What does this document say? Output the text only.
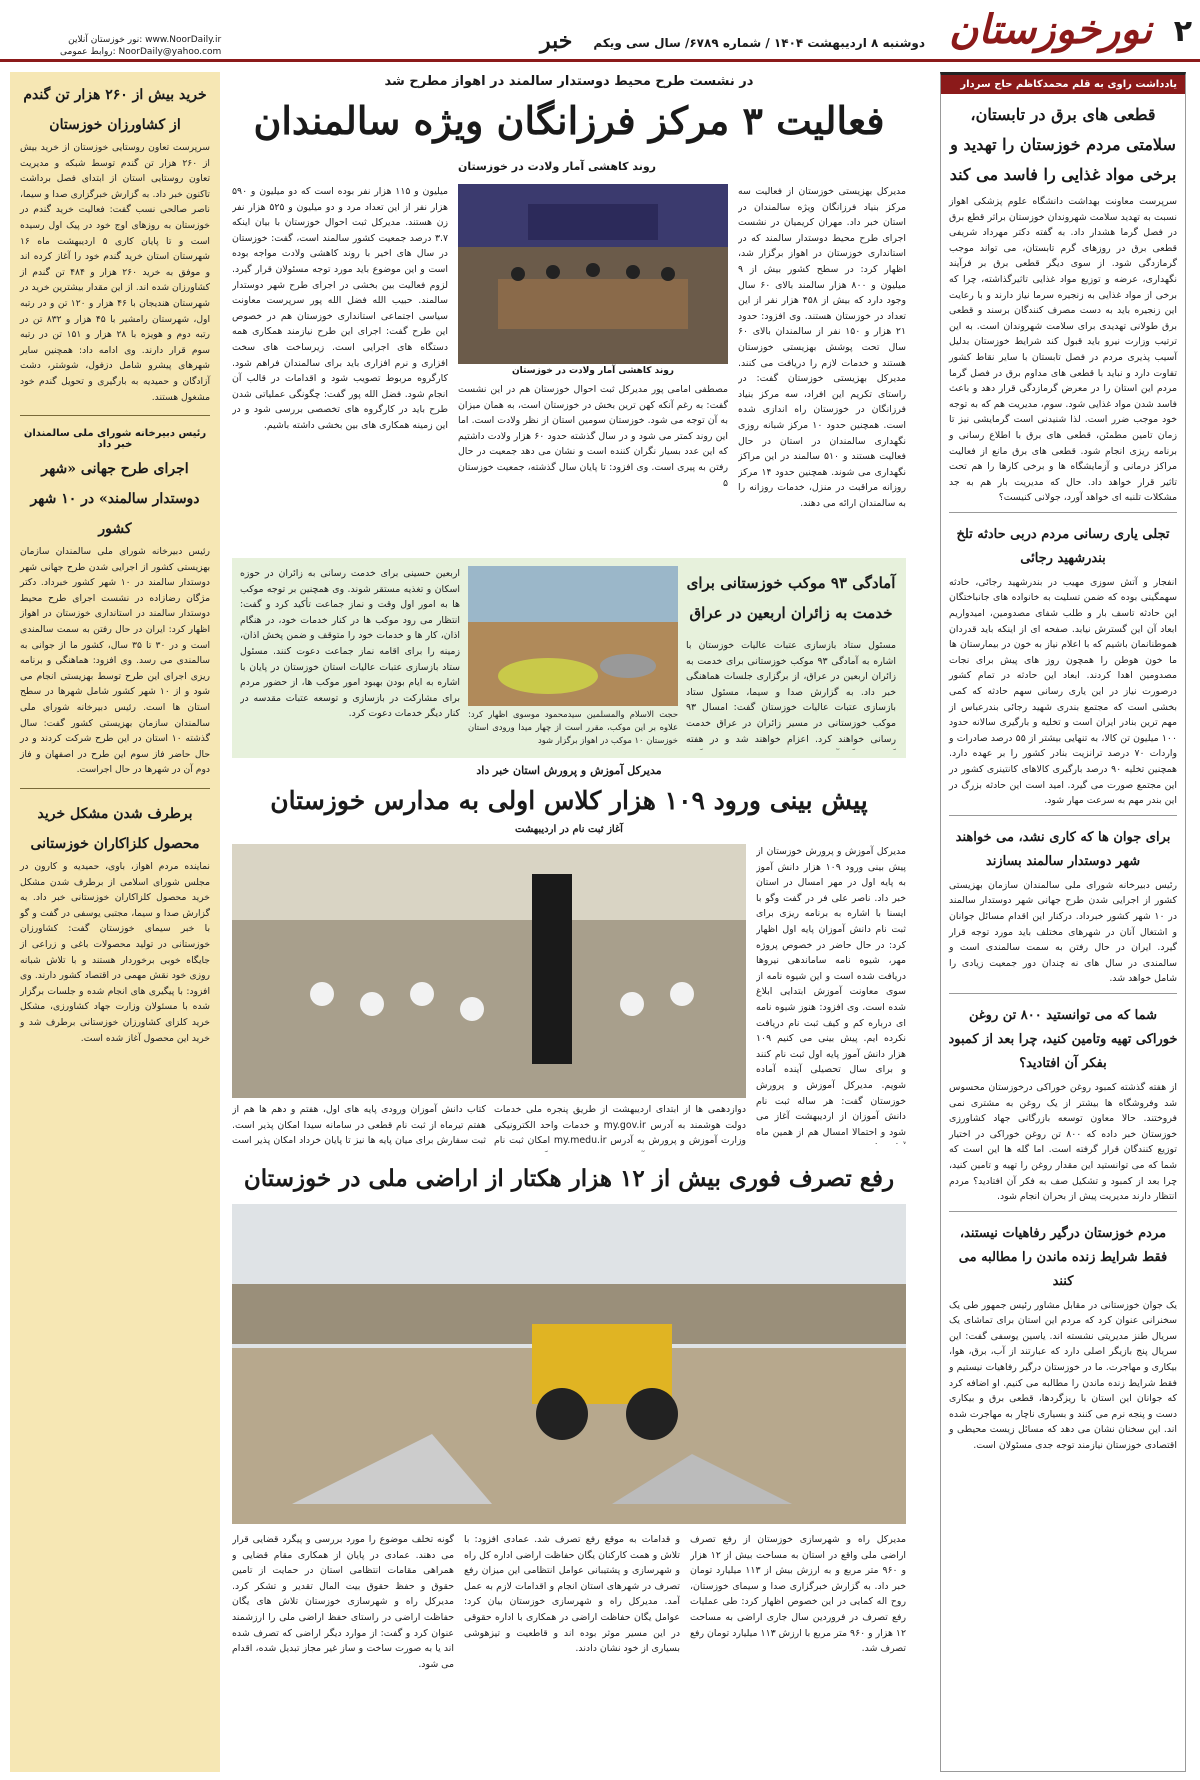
۲
نورخوزستان
دوشنبه ۸ اردیبهشت ۱۴۰۴ / شماره ۶۷۸۹/ سال سی ویکم
خبر
نور خوزستان آنلاین: www.NoorDaily.ir
روابط عمومی: NoorDaily@yahoo.com
یادداشت راوی به قلم محمدکاظم حاج سردار
قطعی های برق در تابستان، سلامتی مردم خوزستان را تهدید و برخی مواد غذایی را فاسد می کند
سرپرست معاونت بهداشت دانشگاه علوم پزشکی اهواز نسبت به تهدید سلامت شهروندان خوزستان براثر قطع برق در فصل گرما هشدار داد. به گفته دکتر مهرداد شریفی قطعی برق در روزهای گرم تابستان، می تواند موجب گرمازدگی شود. از سوی دیگر قطعی برق بر فرآیند نگهداری، عرضه و توزیع مواد غذایی تاثیرگذاشته، چرا که برخی از مواد غذایی به زنجیره سرما نیاز دارند و با رعایت این زنجیره باید به دست مصرف کنندگان برسند و قطعی برق طولانی تهدیدی برای سلامت شهروندان است. به این ترتیب وزارت نیرو باید قبول کند شرایط خوزستان بدلیل آسیب پذیری مردم در فصل تابستان با سایر نقاط کشور تفاوت دارد و نباید با قطعی های مداوم برق در فصل گرما مردم این استان را در معرض گرمازدگی قرار دهد و باعث فاسد شدن مواد غذایی شود. سوم، مدیریت هم که به توجه خود موجب ضرر است. لذا شنیدنی است گرمایشی نیز تا زمان تامین مطمئن، قطعی های برق با اطلاع رسانی و برنامه ریزی انجام شود. قطعی های برق مانع از فعالیت مراکز درمانی و آزمایشگاه ها و برخی کارها را هم تحت تاثیر قرار خواهد داد. حال که مدیریت بار هم به جد مشکلات تلنبه ای خواهد آورد، جولانی کنیست؟
تجلی یاری رسانی مردم دربی حادثه تلخ بندرشهید رجائی
انفجار و آتش سوزی مهیب در بندرشهید رجائی، حادثه سهمگینی بوده که ضمن تسلیت به خانواده های جانباختگان این حادثه تاسف بار و طلب شفای مصدومین، امیدواریم ابعاد آن این گسترش نیابد. صفحه ای از اینکه باید قدردان هموطنانمان باشیم که با اعلام نیاز به خون در بیمارستان ها ما خون هوطن را همچون روز های پیش برای نجات مصدومین اهدا کردند. ابعاد این حادثه در تمام کشور درصورت نیاز در این یاری رسانی سهم حادثه که کمی بخشی است که مجتمع بندری شهید رجائی بندرعباس از مهم ترین بنادر ایران است و تخلیه و بارگیری سالانه حدود ۱۰۰ میلیون تن کالا، به تنهایی بیشتر از ۵۵ درصد صادرات و واردات ۷۰ درصد ترانزیت بنادر کشور را بر عهده دارد. همچنین تخلیه ۹۰ درصد بارگیری کالاهای کانتینری کشور در این مجتمع صورت می گیرد. امید است این حادثه بزرگ در این بندر مهم به سرعت مهار شود.
برای جوان ها که کاری نشد، می خواهند شهر دوستدار سالمند بسازند
رئیس دبیرخانه شورای ملی سالمندان سازمان بهزیستی کشور از اجرایی شدن طرح جهانی شهر دوستدار سالمند در ۱۰ شهر کشور خبرداد. درکنار این اقدام مسائل جوانان و اشتغال آنان در شهرهای مختلف باید مورد توجه قرار گیرد. ایران در حال رفتن به سمت سالمندی است و سالمندی در سال های نه چندان دور جمعیت زیادی را شامل خواهد شد.
شما که می توانستید ۸۰۰ تن روغن خوراکی تهیه وتامین کنید، چرا بعد از کمبود بفکر آن افتادید؟
از هفته گذشته کمبود روغن خوراکی درخوزستان محسوس شد وفروشگاه ها بیشتر از یک روغن به مشتری نمی فروختند. حالا معاون توسعه بازرگانی جهاد کشاورزی خوزستان خبر داده که ۸۰۰ تن روغن خوراکی در اختیار توزیع کنندگان قرار گرفته است. اما گله ها این است که شما که می توانستید این مقدار روغن را تهیه و تامین کنید، چرا بعد از کمبود و تشکیل صف به فکر آن افتادید؟ مردم انتظار دارند مدیریت پیش از بحران انجام شود.
مردم خوزستان درگیر رفاهیات نیستند، فقط شرایط زنده ماندن را مطالبه می کنند
یک جوان خوزستانی در مقابل مشاور رئیس جمهور طی یک سخنرانی عنوان کرد که مردم این استان برای تماشای یک سریال طنز مدیریتی نشسته اند. یاسین یوسفی گفت: این سریال پنج بازیگر اصلی دارد که عبارتند از آب، برق، هوا، بیکاری و مهاجرت. ما در خوزستان درگیر رفاهیات نیستیم و فقط شرایط زنده ماندن را مطالبه می کنیم. او اضافه کرد که جوانان این استان با ریزگردها، قطعی برق و بیکاری دست و پنجه نرم می کنند و بسیاری ناچار به مهاجرت شده اند. این سخنان نشان می دهد که مسائل زیست محیطی و اقتصادی خوزستان نیازمند توجه جدی مسئولان است.
در نشست طرح محیط دوستدار سالمند در اهواز مطرح شد
فعالیت ۳ مرکز فرزانگان ویژه سالمندان
روند کاهشی آمار ولادت در خوزستان
مدیرکل بهزیستی خوزستان از فعالیت سه مرکز بنیاد فرزانگان ویژه سالمندان در استان خبر داد. مهران کریمیان در نشست اجرای طرح محیط دوستدار سالمند که در استانداری خوزستان در اهواز برگزار شد، اظهار کرد: در سطح کشور بیش از ۹ میلیون و ۸۰۰ هزار سالمند بالای ۶۰ سال وجود دارد که بیش از ۴۵۸ هزار نفر از این تعداد در خوزستان هستند. وی افزود: حدود ۲۱ هزار و ۱۵۰ نفر از سالمندان بالای ۶۰ سال تحت پوشش بهزیستی خوزستان هستند و خدمات لازم را دریافت می کنند. مدیرکل بهزیستی خوزستان گفت: در راستای تکریم این افراد، سه مرکز بنیاد فرزانگان در خوزستان راه اندازی شده است. همچنین حدود ۱۰ مرکز شبانه روزی نگهداری سالمندان در استان در حال فعالیت هستند و ۵۱۰ سالمند در این مراکز نگهداری می شوند. همچنین حدود ۱۴ مرکز روزانه مراقبت در منزل، خدمات روزانه را به سالمندان ارائه می دهند.
روند کاهشی آمار ولادت در خوزستان
مصطفی امامی پور مدیرکل ثبت احوال خوزستان هم در این نشست گفت: به رغم آنکه کهن ترین بخش در خوزستان است، به همان میزان به آن توجه می شود. خوزستان سومین استان از نظر ولادت است. اما این روند کمتر می شود و در سال گذشته حدود ۶۰ هزار ولادت داشتیم که این عدد بسیار نگران کننده است و نشان می دهد جمعیت در حال رفتن به پیری است. وی افزود: تا پایان سال گذشته، جمعیت خوزستان ۵
میلیون و ۱۱۵ هزار نفر بوده است که دو میلیون و ۵۹۰ هزار نفر از این تعداد مرد و دو میلیون و ۵۲۵ هزار نفر زن هستند. مدیرکل ثبت احوال خوزستان با بیان اینکه ۳.۷ درصد جمعیت کشور سالمند است، گفت: خوزستان در سال های اخیر با روند کاهشی ولادت مواجه بوده است و این موضوع باید مورد توجه مسئولان قرار گیرد. لزوم فعالیت بین بخشی در اجرای طرح شهر دوستدار سالمند. حبیب الله فضل الله پور سرپرست معاونت سیاسی اجتماعی استانداری خوزستان هم در خصوص این طرح گفت: اجرای این طرح نیازمند همکاری همه دستگاه های اجرایی است. زیرساخت های سخت افزاری و نرم افزاری باید برای سالمندان فراهم شود. کارگروه مربوط تصویب شود و اقدامات در قالب آن انجام شود. فضل الله پور گفت: چگونگی عملیاتی شدن طرح باید در کارگروه های تخصصی بررسی شود و در این زمینه همکاری های بین بخشی داشته باشیم.
آمادگی ۹۳ موکب خوزستانی برای خدمت به زائران اربعین در عراق
مسئول ستاد بازسازی عتبات عالیات خوزستان با اشاره به آمادگی ۹۳ موکب خوزستانی برای خدمت به زائران اربعین در عراق، از برگزاری جلسات هماهنگی خبر داد. به گزارش صدا و سیما، مسئول ستاد بازسازی عتبات عالیات خوزستان گفت: امسال ۹۳ موکب خوزستانی در مسیر زائران در عراق خدمت رسانی خواهند کرد. اعزام خواهند شد و در هفته
حجت الاسلام والمسلمین سیدمحمود موسوی اظهار کرد: علاوه بر این موکب، مقرر است از چهار میدا ورودی استان خوزستان ۱۰ موکب در اهواز برگزار شود
اربعین حسینی برای خدمت رسانی به زائران در حوزه اسکان و تغذیه مستقر شوند. وی همچنین بر توجه موکب ها به امور اول وقت و نماز جماعت تأکید کرد و گفت: انتظار می رود موکب ها در کنار خدمات خود، در هنگام اذان، کار ها و خدمات خود را متوقف و ضمن پخش اذان، زمینه را برای اقامه نماز جماعت دعوت کنند. مسئول ستاد بازسازی عتبات عالیات استان خوزستان در پایان با اشاره به ایام بودن بهبود امور موکب ها، از حضور مردم برای مشارکت در بازسازی و توسعه عتبات مقدسه در کنار دیگر خدمات دعوت کرد.
مدیرکل آموزش و پرورش استان خبر داد
پیش بینی ورود ۱۰۹ هزار کلاس اولی به مدارس خوزستان
آغاز ثبت نام در اردیبهشت
مدیرکل آموزش و پرورش خوزستان از پیش بینی ورود ۱۰۹ هزار دانش آموز به پایه اول در مهر امسال در استان خبر داد. ناصر علی فر در گفت وگو با ایسنا با اشاره به برنامه ریزی برای ثبت نام دانش آموزان پایه اول اظهار کرد: در حال حاضر در خصوص پروژه مهر، شیوه نامه ساماندهی نیروها دریافت شده است و این شیوه نامه از سوی معاونت آموزش ابتدایی ابلاغ شده است. وی افزود: هنوز شیوه نامه ای درباره کم و کیف ثبت نام دریافت نکرده ایم. پیش بینی می کنیم ۱۰۹ هزار دانش آموز پایه اول ثبت نام کنند و برای سال تحصیلی آینده آماده شویم. مدیرکل آموزش و پرورش خوزستان گفت: هر ساله ثبت نام دانش آموزان از اردیبهشت آغاز می شود و احتمالا امسال هم از همین ماه
دوازدهمی ها از ابتدای اردیبهشت از طریق پنجره ملی خدمات دولت هوشمند به آدرس my.gov.ir و خدمات واحد الکترونیکی وزارت آموزش و پرورش به آدرس my.medu.ir امکان ثبت نام
کتاب دانش آموزان ورودی پایه های اول، هفتم و دهم ها هم از هفتم تیرماه از ثبت نام قطعی در سامانه سیدا امکان پذیر است. ثبت سفارش برای میان پایه ها نیز تا پایان خرداد امکان پذیر است
رفع تصرف فوری بیش از ۱۲ هزار هکتار از اراضی ملی در خوزستان
مدیرکل راه و شهرسازی خوزستان از رفع تصرف اراضی ملی واقع در استان به مساحت بیش از ۱۲ هزار و ۹۶۰ متر مربع و به ارزش بیش از ۱۱۳ میلیارد تومان خبر داد. به گزارش خبرگزاری صدا و سیمای خوزستان، روح اله کمایی در این خصوص اظهار کرد: طی عملیات رفع تصرف در فروردین سال جاری اراضی به مساحت ۱۲ هزار و ۹۶۰ متر مربع با ارزش ۱۱۳ میلیارد تومان رفع تصرف شد.
و قدامات به موقع رفع تصرف شد. عمادی افزود: با تلاش و همت کارکنان یگان حفاظت اراضی اداره کل راه و شهرسازی و پشتیبانی عوامل انتظامی این میزان رفع تصرف در شهرهای استان انجام و اقدامات لازم به عمل آمد. مدیرکل راه و شهرسازی خوزستان بیان کرد: عوامل یگان حفاظت اراضی در همکاری با اداره حقوقی در این مسیر موثر بوده اند و قاطعیت و تیزهوشی بسیاری از خود نشان دادند.
گونه تخلف موضوع را مورد بررسی و پیگرد قضایی قرار می دهند. عمادی در پایان از همکاری مقام قضایی و همراهی مقامات انتظامی استان در حمایت از تامین حقوق و حفظ حقوق بیت المال تقدیر و تشکر کرد. مدیرکل راه و شهرسازی خوزستان تلاش های یگان حفاظت اراضی در راستای حفظ اراضی ملی را ارزشمند عنوان کرد و گفت: از موارد دیگر اراضی که تصرف شده اند یا به صورت ساخت و ساز غیر مجاز تبدیل شده، اقدام می شود.
خرید بیش از ۲۶۰ هزار تن گندم از کشاورزان خوزستان
سرپرست تعاون روستایی خوزستان از خرید بیش از ۲۶۰ هزار تن گندم توسط شبکه و مدیریت تعاون روستایی استان از ابتدای فصل برداشت تاکنون خبر داد. به گزارش خبرگزاری صدا و سیما، ناصر صالحی نسب گفت: فعالیت خرید گندم در خوزستان به روزهای اوج خود در پیک اول رسیده است و تا پایان کاری ۵ اردیبهشت ماه ۱۶ شهرستان استان خرید گندم خود را آغاز کرده اند و موفق به خرید ۲۶۰ هزار و ۴۸۴ تن گندم از کشاورزان شده اند. از این مقدار بیشترین خرید در شهرستان هندیجان با ۴۶ هزار و ۱۲۰ تن و در رتبه اول، شهرستان رامشیر با ۴۵ هزار و ۸۳۲ تن در رتبه دوم و هویزه با ۲۸ هزار و ۱۵۱ تن در رتبه سوم قرار دارند. وی ادامه داد: همچنین سایر شهرهای پیشرو شامل دزفول، شوشتر، دشت آزادگان و حمیدیه به بارگیری و تحویل گندم خود مشغول هستند.
رئیس دبیرخانه شورای ملی سالمندان خبر داد
اجرای طرح جهانی «شهر دوستدار سالمند» در ۱۰ شهر کشور
رئیس دبیرخانه شورای ملی سالمندان سازمان بهزیستی کشور از اجرایی شدن طرح جهانی شهر دوستدار سالمند در ۱۰ شهر کشور خبرداد. دکتر مژگان رضازاده در نشست اجرای طرح محیط دوستدار سالمند در استانداری خوزستان در اهواز اظهار کرد: ایران در حال رفتن به سمت سالمندی است و در ۳۰ تا ۳۵ سال، کشور ما از جوانی به سالمندی می رسد. وی افزود: هماهنگی و برنامه ریزی اجرای این طرح توسط بهزیستی انجام می شود و از ۱۰ شهر کشور شامل شهرها در سطح استان ها است. رئیس دبیرخانه شورای ملی سالمندان سازمان بهزیستی کشور گفت: سال گذشته ۱۰ استان در این طرح شرکت کردند و در حال حاضر فاز سوم این طرح در اصفهان و فاز دوم آن در شهرها در حال اجراست.
برطرف شدن مشکل خرید محصول کلزاکاران خوزستانی
نماینده مردم اهواز، باوی، حمیدیه و کارون در مجلس شورای اسلامی از برطرف شدن مشکل خرید محصول کلزاکاران خوزستانی خبر داد. به گزارش صدا و سیما، مجتبی یوسفی در گفت و گو با خبر سیمای خوزستان گفت: کشاورزان خوزستانی در تولید محصولات باغی و زراعی از جایگاه خوبی برخوردار هستند و با تلاش شبانه روزی خود نقش مهمی در اقتصاد کشور دارند. وی افزود: با پیگیری های انجام شده و جلسات برگزار شده با مسئولان وزارت جهاد کشاورزی، مشکل خرید کلزای کشاورزان خوزستانی برطرف شد و خرید این محصول آغاز شده است.
